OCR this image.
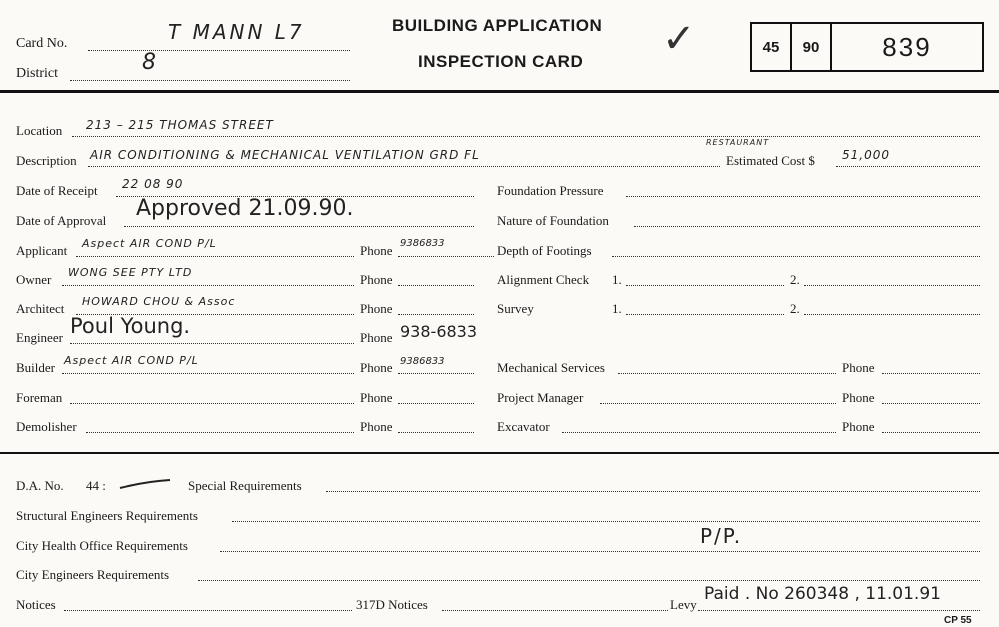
Card No.	T MANN L7
District	8
BUILDING APPLICATION
INSPECTION CARD ✓	45	90	839
Location 213 – 215 THOMAS STREET
Description AIR CONDITIONING & MECHANICAL VENTILATION GRD FL
RESTAURANT
Estimated Cost $ 51,000
Date of Receipt 22 08 90	Foundation Pressure
Date of Approval Approved 21.09.90.	Nature of Foundation
Applicant Aspect AIR COND P/L	Phone 9386833	Depth of Footings
Owner WONG SEE PTY LTD	Phone	Alignment Check 1.	2.
Architect HOWARD CHOU & Assoc	Phone	Survey	1.	2.
Engineer Poul Young.	Phone 938-6833
Builder Aspect AIR COND P/L	Phone 9386833	Mechanical Services	Phone
Foreman	Phone	Project Manager	Phone
Demolisher	Phone	Excavator	Phone
D.A. No. 44 :	Special Requirements
Structural Engineers Requirements
City Health Office Requirements	P/P.
City Engineers Requirements
Notices	317D Notices	Levy
Paid . No 260348 , 11.01.91
CP 55
